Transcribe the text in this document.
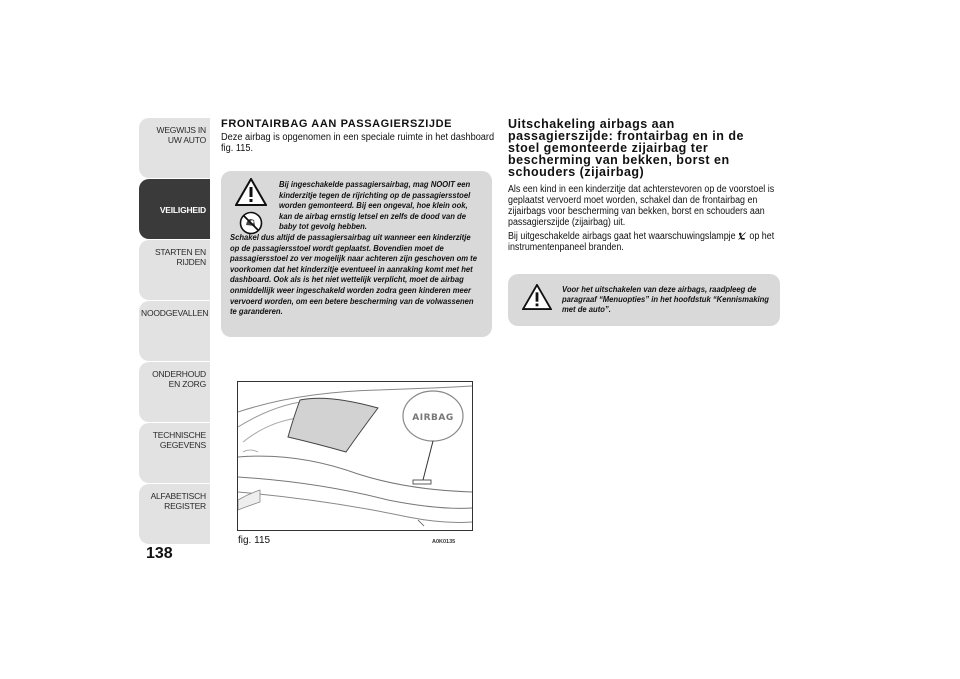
WEGWIJS IN UW AUTO
VEILIGHEID
STARTEN EN RIJDEN
NOODGEVALLEN
ONDERHOUD EN ZORG
TECHNISCHE GEGEVENS
ALFABETISCH REGISTER
138
FRONTAIRBAG AAN PASSAGIERSZIJDE
Deze airbag is opgenomen in een speciale ruimte in het dashboard fig. 115.
Bij ingeschakelde passagiersairbag, mag NOOIT een kinderzitje tegen de rijrichting op de passagiersstoel worden gemonteerd. Bij een ongeval, hoe klein ook, kan de airbag ernstig letsel en zelfs de dood van de baby tot gevolg hebben.
Schakel dus altijd de passagiersairbag uit wanneer een kinderzitje op de passagiersstoel wordt geplaatst. Bovendien moet de passagiersstoel zo ver mogelijk naar achteren zijn geschoven om te voorkomen dat het kinderzitje eventueel in aanraking komt met het dashboard. Ook als is het niet wettelijk verplicht, moet de airbag onmiddellijk weer ingeschakeld worden zodra geen kinderen meer vervoerd worden, om een betere bescherming van de volwassenen te garanderen.
AIRBAG
fig. 115	A0K0135
Uitschakeling airbags aan
passagierszijde: frontairbag en in de
stoel gemonteerde zijairbag ter
bescherming van bekken, borst en
schouders (zijairbag)

Als een kind in een kinderzitje dat achterstevoren op de voorstoel is geplaatst vervoerd moet worden, schakel dan de frontairbag en zijairbags voor bescherming van bekken, borst en schouders aan passagierszijde (zijairbag) uit.

Bij uitgeschakelde airbags gaat het waarschuwingslampje op het instrumentenpaneel branden.

Voor het uitschakelen van deze airbags, raadpleeg de paragraaf “Menuopties” in het hoofdstuk “Kennismaking met de auto”.
